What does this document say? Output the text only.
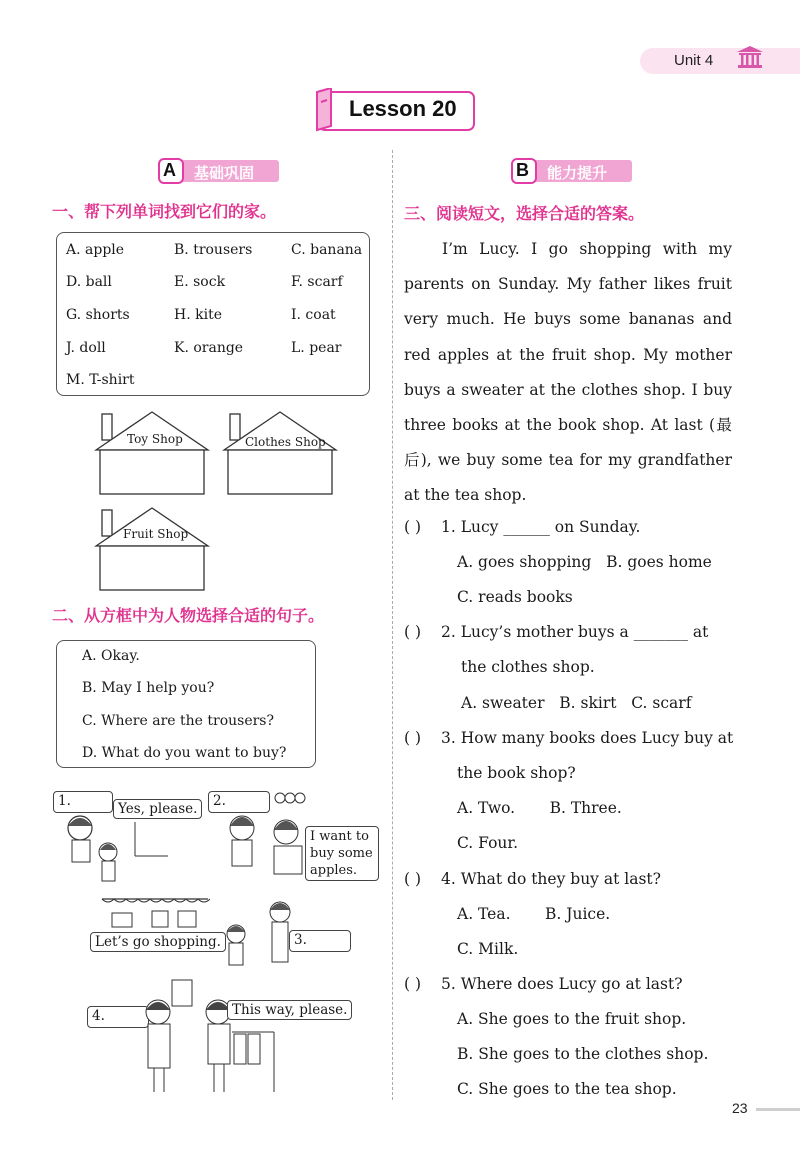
Unit 4
Lesson 20
A 基础巩固	B 能力提升
一、帮下列单词找到它们的家。
A. apple	B. trousers	C. banana
D. ball	E. sock	F. scarf
G. shorts	H. kite	I. coat
J. doll	K. orange	L. pear
M. T-shirt
Toy Shop	Clothes Shop
Fruit Shop
二、从方框中为人物选择合适的句子。
A. Okay.
B. May I help you?
C. Where are the trousers?
D. What do you want to buy?
1.	Yes, please.	2.
I want to buy some apples.
Let’s go shopping.	3.
4.	This way, please.
三、阅读短文，选择合适的答案。
I’m Lucy. I go shopping with my parents on Sunday. My father likes fruit very much. He buys some bananas and red apples at the fruit shop. My mother buys a sweater at the clothes shop. I buy three books at the book shop. At last (最后), we buy some tea for my grandfather at the tea shop.
( ) 1. Lucy ______ on Sunday.
A. goes shopping   B. goes home
C. reads books
( ) 2. Lucy’s mother buys a _______ at
the clothes shop.
A. sweater   B. skirt   C. scarf
( ) 3. How many books does Lucy buy at
the book shop?
A. Two.       B. Three.
C. Four.
( ) 4. What do they buy at last?
A. Tea.       B. Juice.
C. Milk.
( ) 5. Where does Lucy go at last?
A. She goes to the fruit shop.
B. She goes to the clothes shop.
C. She goes to the tea shop.
23
